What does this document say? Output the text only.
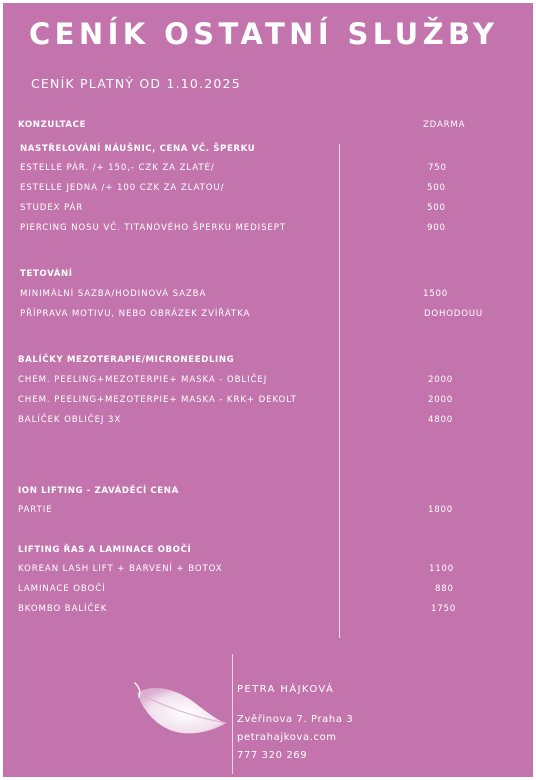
CENÍK OSTATNÍ SLUŽBY
CENÍK PLATNÝ OD 1.10.2025
KONZULTACE	ZDARMA
NASTŘELOVÁNÍ NÁUŠNIC, CENA VČ. ŠPERKU
ESTELLE PÁR. /+ 150,- CZK ZA ZLATÉ/	750
ESTELLE JEDNA /+ 100 CZK ZA ZLATOU/	500
STUDEX PÁR	500
PIERCING NOSU VČ. TITANOVÉHO ŠPERKU MEDISEPT	900
TETOVÁNÍ
MINIMÁLNÍ SAZBA/HODINOVÁ SAZBA	1500
PŘÍPRAVA MOTIVU, NEBO OBRÁZEK ZVÍŘÁTKA	DOHODOUU
BALÍČKY MEZOTERAPIE/MICRONEEDLING
CHEM. PEELING+MEZOTERPIE+ MASKA - OBLIČEJ	2000
CHEM. PEELING+MEZOTERPIE+ MASKA - KRK+ DEKOLT	2000
BALÍČEK OBLIČEJ 3X	4800
ION LIFTING - ZAVÁDĚCÍ CENA
PARTIE	1800
LIFTING ŘAS A LAMINACE OBOČÍ
KOREAN LASH LIFT + BARVENÍ + BOTOX	1100
LAMINACE OBOČÍ	880
BKOMBO BALÍČEK	1750
PETRA HÁJKOVÁ
Zvěřinova 7. Praha 3
petrahajkova.com
777 320 269
